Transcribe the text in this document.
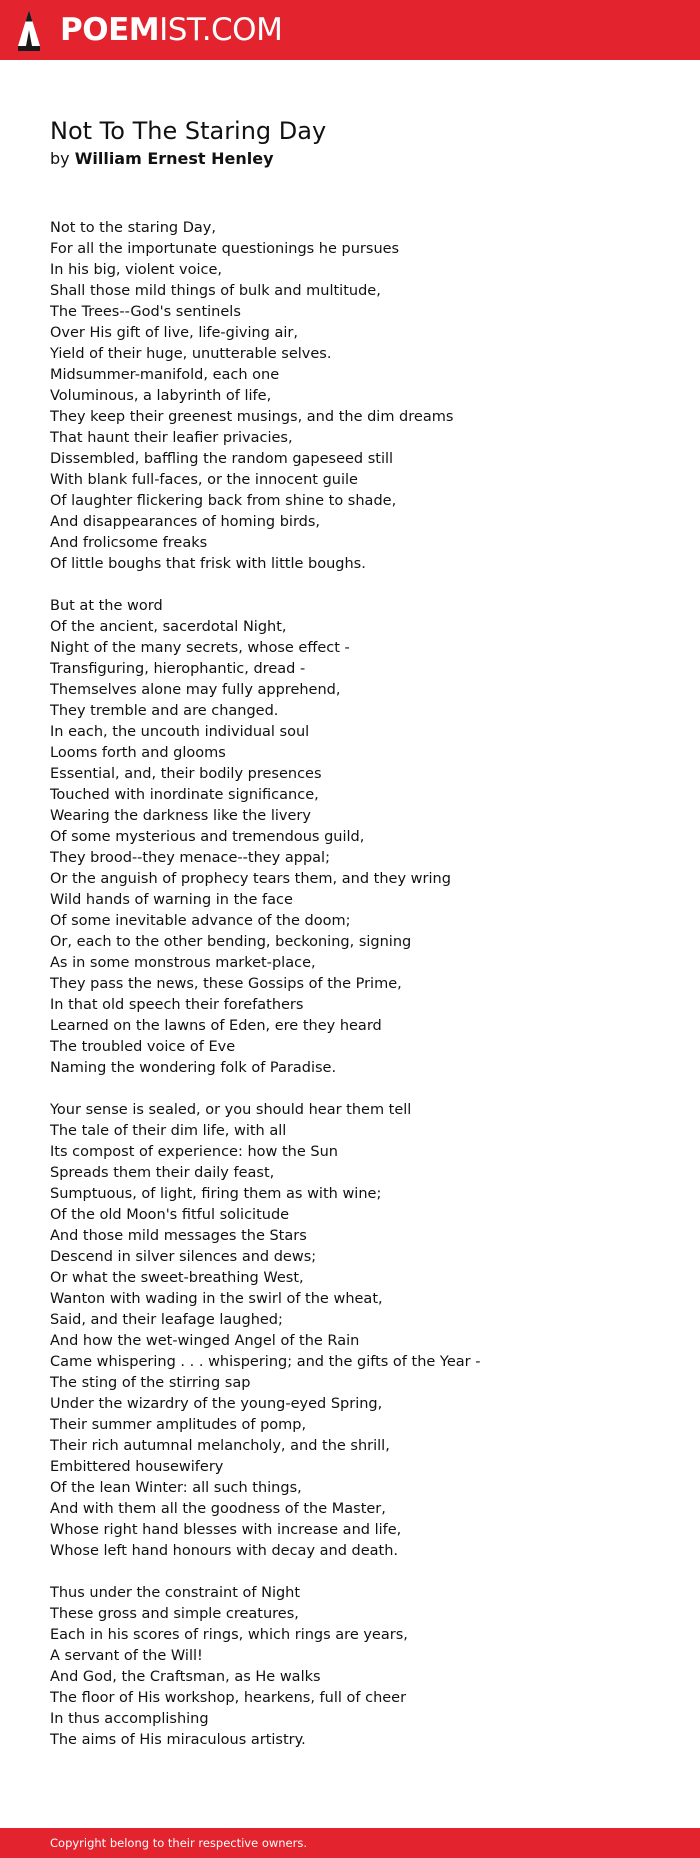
POEMIST.COM
Not To The Staring Day
by William Ernest Henley
Not to the staring Day,
For all the importunate questionings he pursues
In his big, violent voice,
Shall those mild things of bulk and multitude,
The Trees--God's sentinels
Over His gift of live, life-giving air,
Yield of their huge, unutterable selves.
Midsummer-manifold, each one
Voluminous, a labyrinth of life,
They keep their greenest musings, and the dim dreams
That haunt their leafier privacies,
Dissembled, baffling the random gapeseed still
With blank full-faces, or the innocent guile
Of laughter flickering back from shine to shade,
And disappearances of homing birds,
And frolicsome freaks
Of little boughs that frisk with little boughs.
But at the word
Of the ancient, sacerdotal Night,
Night of the many secrets, whose effect -
Transfiguring, hierophantic, dread -
Themselves alone may fully apprehend,
They tremble and are changed.
In each, the uncouth individual soul
Looms forth and glooms
Essential, and, their bodily presences
Touched with inordinate significance,
Wearing the darkness like the livery
Of some mysterious and tremendous guild,
They brood--they menace--they appal;
Or the anguish of prophecy tears them, and they wring
Wild hands of warning in the face
Of some inevitable advance of the doom;
Or, each to the other bending, beckoning, signing
As in some monstrous market-place,
They pass the news, these Gossips of the Prime,
In that old speech their forefathers
Learned on the lawns of Eden, ere they heard
The troubled voice of Eve
Naming the wondering folk of Paradise.
Your sense is sealed, or you should hear them tell
The tale of their dim life, with all
Its compost of experience: how the Sun
Spreads them their daily feast,
Sumptuous, of light, firing them as with wine;
Of the old Moon's fitful solicitude
And those mild messages the Stars
Descend in silver silences and dews;
Or what the sweet-breathing West,
Wanton with wading in the swirl of the wheat,
Said, and their leafage laughed;
And how the wet-winged Angel of the Rain
Came whispering . . . whispering; and the gifts of the Year -
The sting of the stirring sap
Under the wizardry of the young-eyed Spring,
Their summer amplitudes of pomp,
Their rich autumnal melancholy, and the shrill,
Embittered housewifery
Of the lean Winter: all such things,
And with them all the goodness of the Master,
Whose right hand blesses with increase and life,
Whose left hand honours with decay and death.
Thus under the constraint of Night
These gross and simple creatures,
Each in his scores of rings, which rings are years,
A servant of the Will!
And God, the Craftsman, as He walks
The floor of His workshop, hearkens, full of cheer
In thus accomplishing
The aims of His miraculous artistry.
Copyright belong to their respective owners.
